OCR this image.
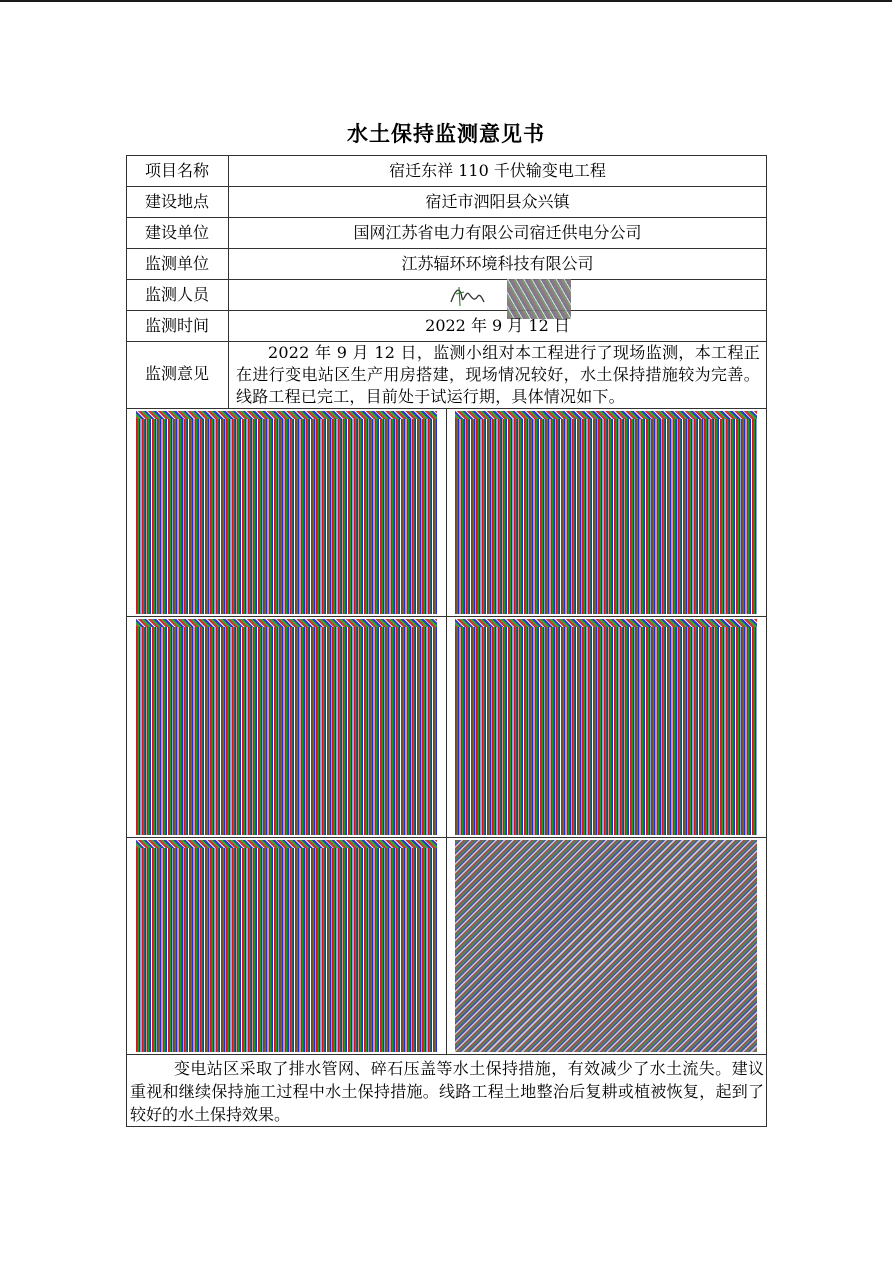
水土保持监测意见书
项目名称	宿迁东祥 110 千伏输变电工程
建设地点	宿迁市泗阳县众兴镇
建设单位	国网江苏省电力有限公司宿迁供电分公司
监测单位	江苏辐环环境科技有限公司
监测人员
监测时间	2022 年 9 月 12 日
监测意见
2022 年 9 月 12 日，监测小组对本工程进行了现场监测，本工程正在进行变电站区生产用房搭建，现场情况较好，水土保持措施较为完善。线路工程已完工，目前处于试运行期，具体情况如下。
变电站区采取了排水管网、碎石压盖等水土保持措施，有效减少了水土流失。建议重视和继续保持施工过程中水土保持措施。线路工程土地整治后复耕或植被恢复，起到了较好的水土保持效果。
